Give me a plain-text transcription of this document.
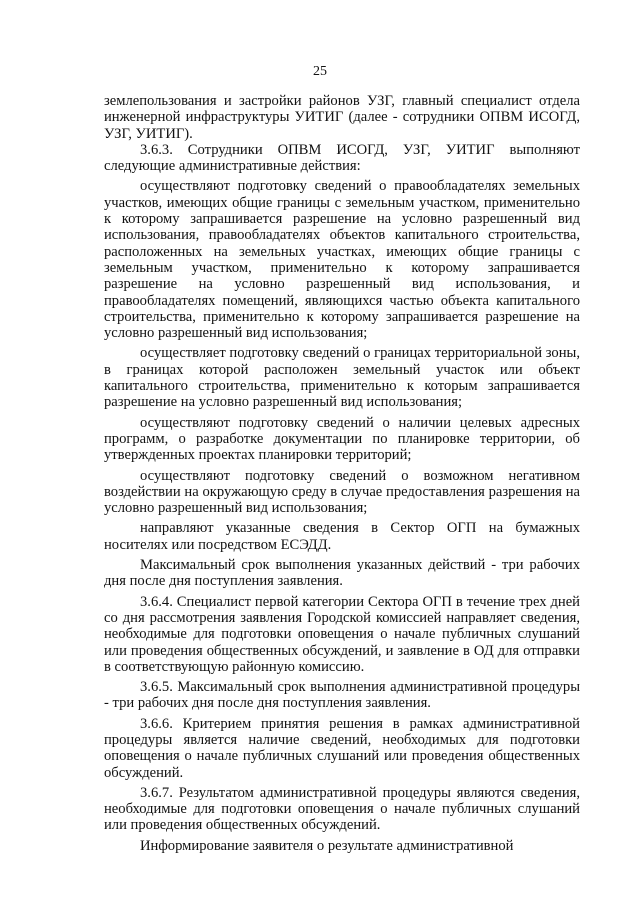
25

землепользования и застройки районов УЗГ, главный специалист отдела инженерной инфраструктуры УИТИГ (далее - сотрудники ОПВМ ИСОГД, УЗГ, УИТИГ).

3.6.3. Сотрудники ОПВМ ИСОГД, УЗГ, УИТИГ выполняют следующие административные действия:

осуществляют подготовку сведений о правообладателях земельных участков, имеющих общие границы с земельным участком, применительно к которому запрашивается разрешение на условно разрешенный вид использования, правообладателях объектов капитального строительства, расположенных на земельных участках, имеющих общие границы с земельным участком, применительно к которому запрашивается разрешение на условно разрешенный вид использования, и правообладателях помещений, являющихся частью объекта капитального строительства, применительно к которому запрашивается разрешение на условно разрешенный вид использования;

осуществляет подготовку сведений о границах территориальной зоны, в границах которой расположен земельный участок или объект капитального строительства, применительно к которым запрашивается разрешение на условно разрешенный вид использования;

осуществляют подготовку сведений о наличии целевых адресных программ, о разработке документации по планировке территории, об утвержденных проектах планировки территорий;

осуществляют подготовку сведений о возможном негативном воздействии на окружающую среду в случае предоставления разрешения на условно разрешенный вид использования;

направляют указанные сведения в Сектор ОГП на бумажных носителях или посредством ЕСЭДД.

Максимальный срок выполнения указанных действий - три рабочих дня после дня поступления заявления.

3.6.4. Специалист первой категории Сектора ОГП в течение трех дней со дня рассмотрения заявления Городской комиссией направляет сведения, необходимые для подготовки оповещения о начале публичных слушаний или проведения общественных обсуждений, и заявление в ОД для отправки в соответствующую районную комиссию.

3.6.5. Максимальный срок выполнения административной процедуры - три рабочих дня после дня поступления заявления.

3.6.6. Критерием принятия решения в рамках административной процедуры является наличие сведений, необходимых для подготовки оповещения о начале публичных слушаний или проведения общественных обсуждений.

3.6.7. Результатом административной процедуры являются сведения, необходимые для подготовки оповещения о начале публичных слушаний или проведения общественных обсуждений.

Информирование заявителя о результате административной
